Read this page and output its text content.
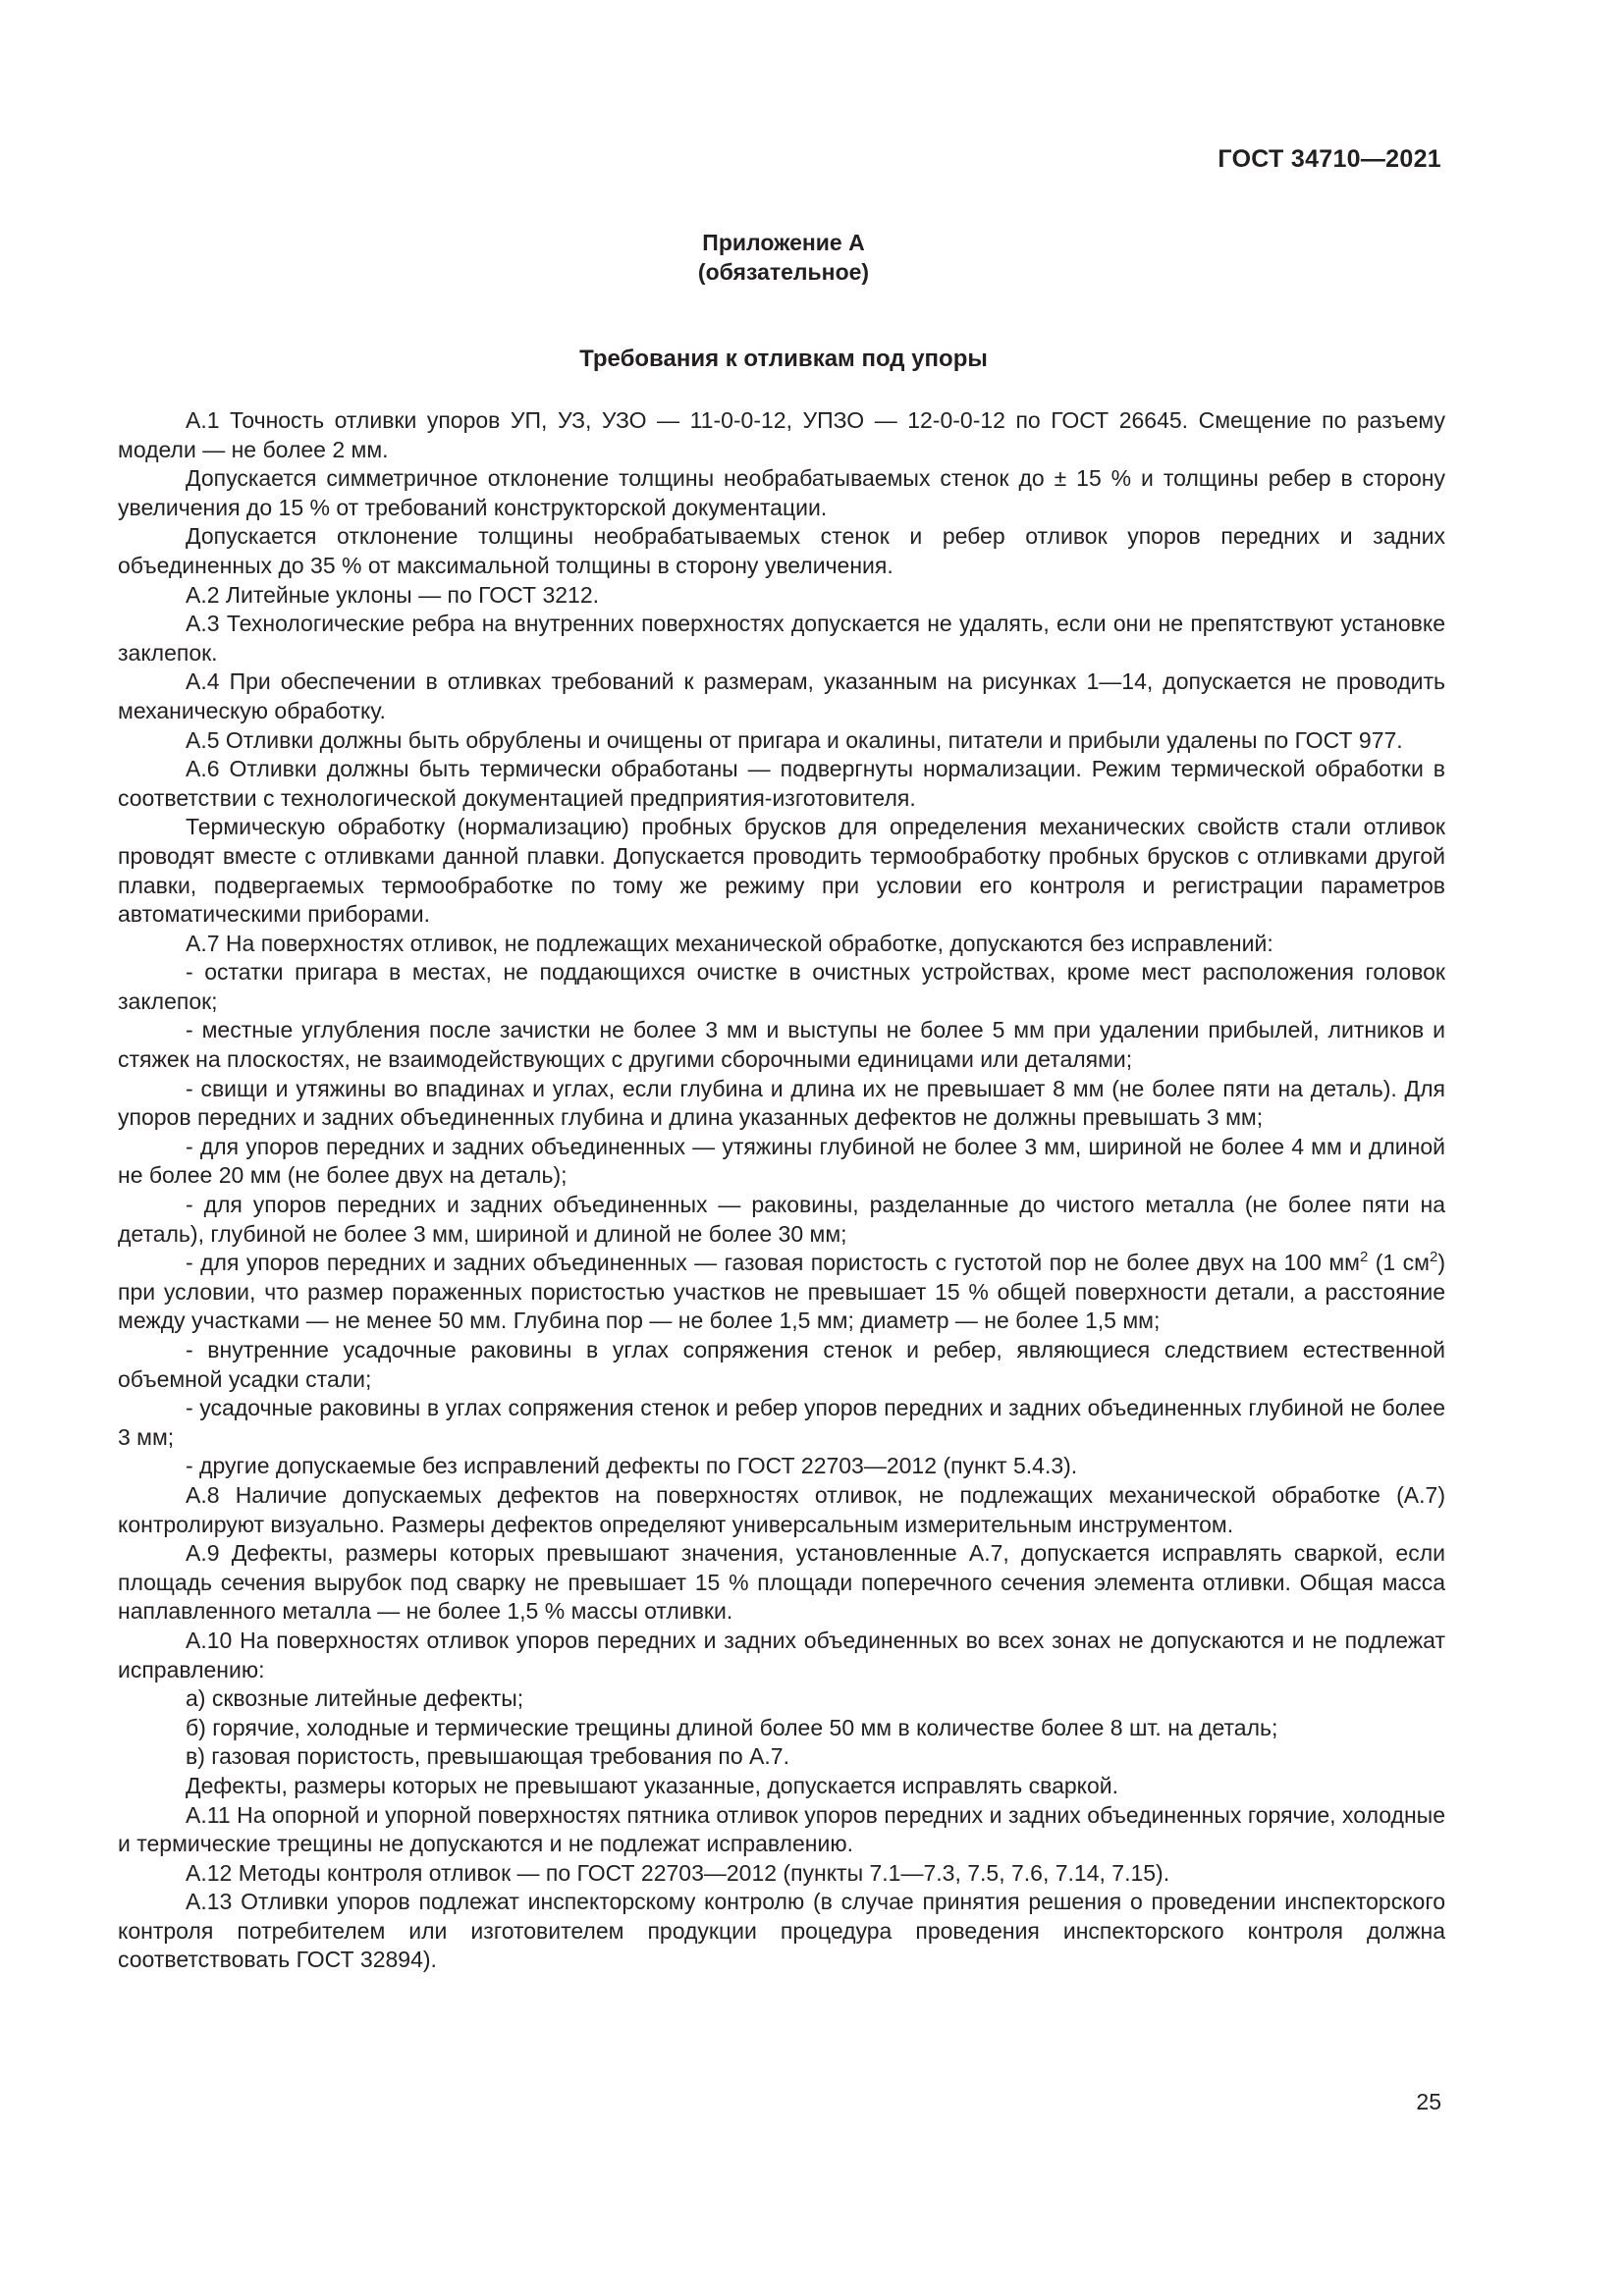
ГОСТ 34710—2021
Приложение А
(обязательное)
Требования к отливкам под упоры

А.1 Точность отливки упоров УП, УЗ, УЗО — 11-0-0-12, УПЗО — 12-0-0-12 по ГОСТ 26645. Смещение по разъему модели — не более 2 мм.

Допускается симметричное отклонение толщины необрабатываемых стенок до ± 15 % и толщины ребер в сторону увеличения до 15 % от требований конструкторской документации.

Допускается отклонение толщины необрабатываемых стенок и ребер отливок упоров передних и задних объединенных до 35 % от максимальной толщины в сторону увеличения.

А.2 Литейные уклоны — по ГОСТ 3212.

А.3 Технологические ребра на внутренних поверхностях допускается не удалять, если они не препятствуют установке заклепок.

А.4 При обеспечении в отливках требований к размерам, указанным на рисунках 1—14, допускается не проводить механическую обработку.

А.5 Отливки должны быть обрублены и очищены от пригара и окалины, питатели и прибыли удалены по ГОСТ 977.

А.6 Отливки должны быть термически обработаны — подвергнуты нормализации. Режим термической обработки в соответствии с технологической документацией предприятия-изготовителя.

Термическую обработку (нормализацию) пробных брусков для определения механических свойств стали отливок проводят вместе с отливками данной плавки. Допускается проводить термообработку пробных брусков с отливками другой плавки, подвергаемых термообработке по тому же режиму при условии его контроля и регистрации параметров автоматическими приборами.

А.7 На поверхностях отливок, не подлежащих механической обработке, допускаются без исправлений:

- остатки пригара в местах, не поддающихся очистке в очистных устройствах, кроме мест расположения головок заклепок;

- местные углубления после зачистки не более 3 мм и выступы не более 5 мм при удалении прибылей, литников и стяжек на плоскостях, не взаимодействующих с другими сборочными единицами или деталями;

- свищи и утяжины во впадинах и углах, если глубина и длина их не превышает 8 мм (не более пяти на деталь). Для упоров передних и задних объединенных глубина и длина указанных дефектов не должны превышать 3 мм;

- для упоров передних и задних объединенных — утяжины глубиной не более 3 мм, шириной не более 4 мм и длиной не более 20 мм (не более двух на деталь);

- для упоров передних и задних объединенных — раковины, разделанные до чистого металла (не более пяти на деталь), глубиной не более 3 мм, шириной и длиной не более 30 мм;

- для упоров передних и задних объединенных — газовая пористость с густотой пор не более двух на 100 $мм^2$ (1 $см^2$) при условии, что размер пораженных пористостью участков не превышает 15 % общей поверхности детали, а расстояние между участками — не менее 50 мм. Глубина пор — не более 1,5 мм; диаметр — не более 1,5 мм;

- внутренние усадочные раковины в углах сопряжения стенок и ребер, являющиеся следствием естественной объемной усадки стали;

- усадочные раковины в углах сопряжения стенок и ребер упоров передних и задних объединенных глубиной не более 3 мм;

- другие допускаемые без исправлений дефекты по ГОСТ 22703—2012 (пункт 5.4.3).

А.8 Наличие допускаемых дефектов на поверхностях отливок, не подлежащих механической обработке (А.7) контролируют визуально. Размеры дефектов определяют универсальным измерительным инструментом.

А.9 Дефекты, размеры которых превышают значения, установленные А.7, допускается исправлять сваркой, если площадь сечения вырубок под сварку не превышает 15 % площади поперечного сечения элемента отливки. Общая масса наплавленного металла — не более 1,5 % массы отливки.

А.10 На поверхностях отливок упоров передних и задних объединенных во всех зонах не допускаются и не подлежат исправлению:

а) сквозные литейные дефекты;

б) горячие, холодные и термические трещины длиной более 50 мм в количестве более 8 шт. на деталь;

в) газовая пористость, превышающая требования по А.7.

Дефекты, размеры которых не превышают указанные, допускается исправлять сваркой.

А.11 На опорной и упорной поверхностях пятника отливок упоров передних и задних объединенных горячие, холодные и термические трещины не допускаются и не подлежат исправлению.

А.12 Методы контроля отливок — по ГОСТ 22703—2012 (пункты 7.1—7.3, 7.5, 7.6, 7.14, 7.15).

А.13 Отливки упоров подлежат инспекторскому контролю (в случае принятия решения о проведении инспекторского контроля потребителем или изготовителем продукции процедура проведения инспекторского контроля должна соответствовать ГОСТ 32894).

25
